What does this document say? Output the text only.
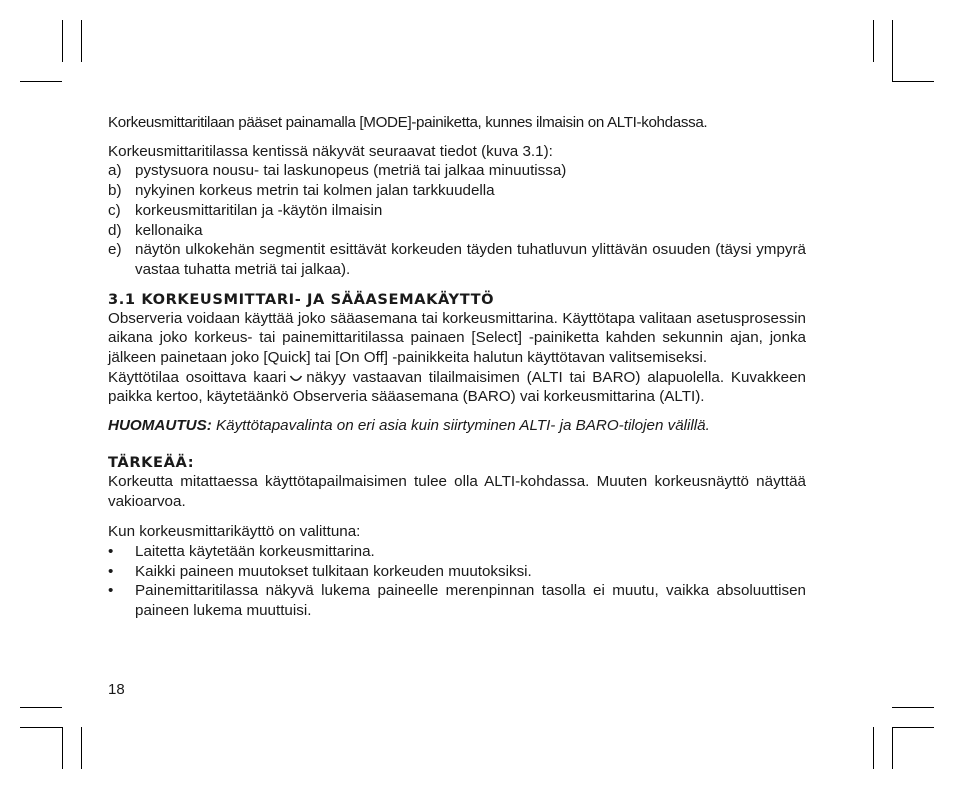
Korkeusmittaritilaan pääset painamalla [MODE]-painiketta, kunnes ilmaisin on ALTI-kohdassa.

Korkeusmittaritilassa kentissä näkyvät seuraavat tiedot (kuva 3.1):

a) pystysuora nousu- tai laskunopeus (metriä tai jalkaa minuutissa)
b) nykyinen korkeus metrin tai kolmen jalan tarkkuudella
c) korkeusmittaritilan ja -käytön ilmaisin
d) kellonaika
e) näytön ulkokehän segmentit esittävät korkeuden täyden tuhatluvun ylittävän osuuden (täysi ympyrä vastaa tuhatta metriä tai jalkaa).
3.1 KORKEUSMITTARI- JA SÄÄASEMAKÄYTTÖ

Observeria voidaan käyttää joko sääasemana tai korkeusmittarina. Käyttötapa valitaan asetusprosessin aikana joko korkeus- tai painemittaritilassa painaen [Select] -painiketta kahden sekunnin ajan, jonka jälkeen painetaan joko [Quick] tai [On Off] -painikkeita halutun käyttötavan valitsemiseksi.

Käyttötilaa osoittava kaari näkyy vastaavan tilailmaisimen (ALTI tai BARO) alapuolella. Kuvakkeen paikka kertoo, käytetäänkö Observeria sääasemana (BARO) vai korkeusmittarina (ALTI).

HUOMAUTUS: Käyttötapavalinta on eri asia kuin siirtyminen ALTI- ja BARO-tilojen välillä.

TÄRKEÄÄ:

Korkeutta mitattaessa käyttötapailmaisimen tulee olla ALTI-kohdassa. Muuten korkeusnäyttö näyttää vakioarvoa.

Kun korkeusmittarikäyttö on valittuna:

• Laitetta käytetään korkeusmittarina.
• Kaikki paineen muutokset tulkitaan korkeuden muutoksiksi.
• Painemittaritilassa näkyvä lukema paineelle merenpinnan tasolla ei muutu, vaikka absoluuttisen paineen lukema muuttuisi.
18
